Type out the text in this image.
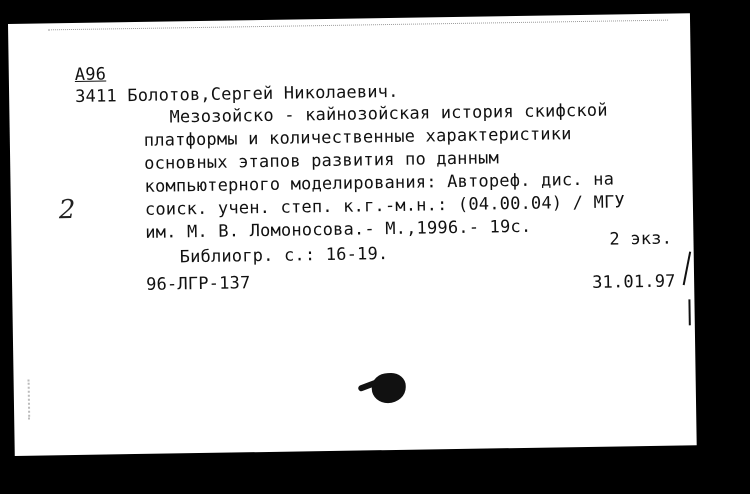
А96
3411 Болотов,Сергей Николаевич.
Мезозойско - кайнозойская история скифской
платформы и количественные характеристики
основных этапов развития по данным
компьютерного моделирования: Автореф. дис. на
соиск. учен. степ. к.г.-м.н.: (04.00.04) / МГУ
им. М. В. Ломоносова.- М.,1996.- 19с.	2 экз.
Библиогр. с.: 16-19.
96-ЛГР-137	31.01.97
2
